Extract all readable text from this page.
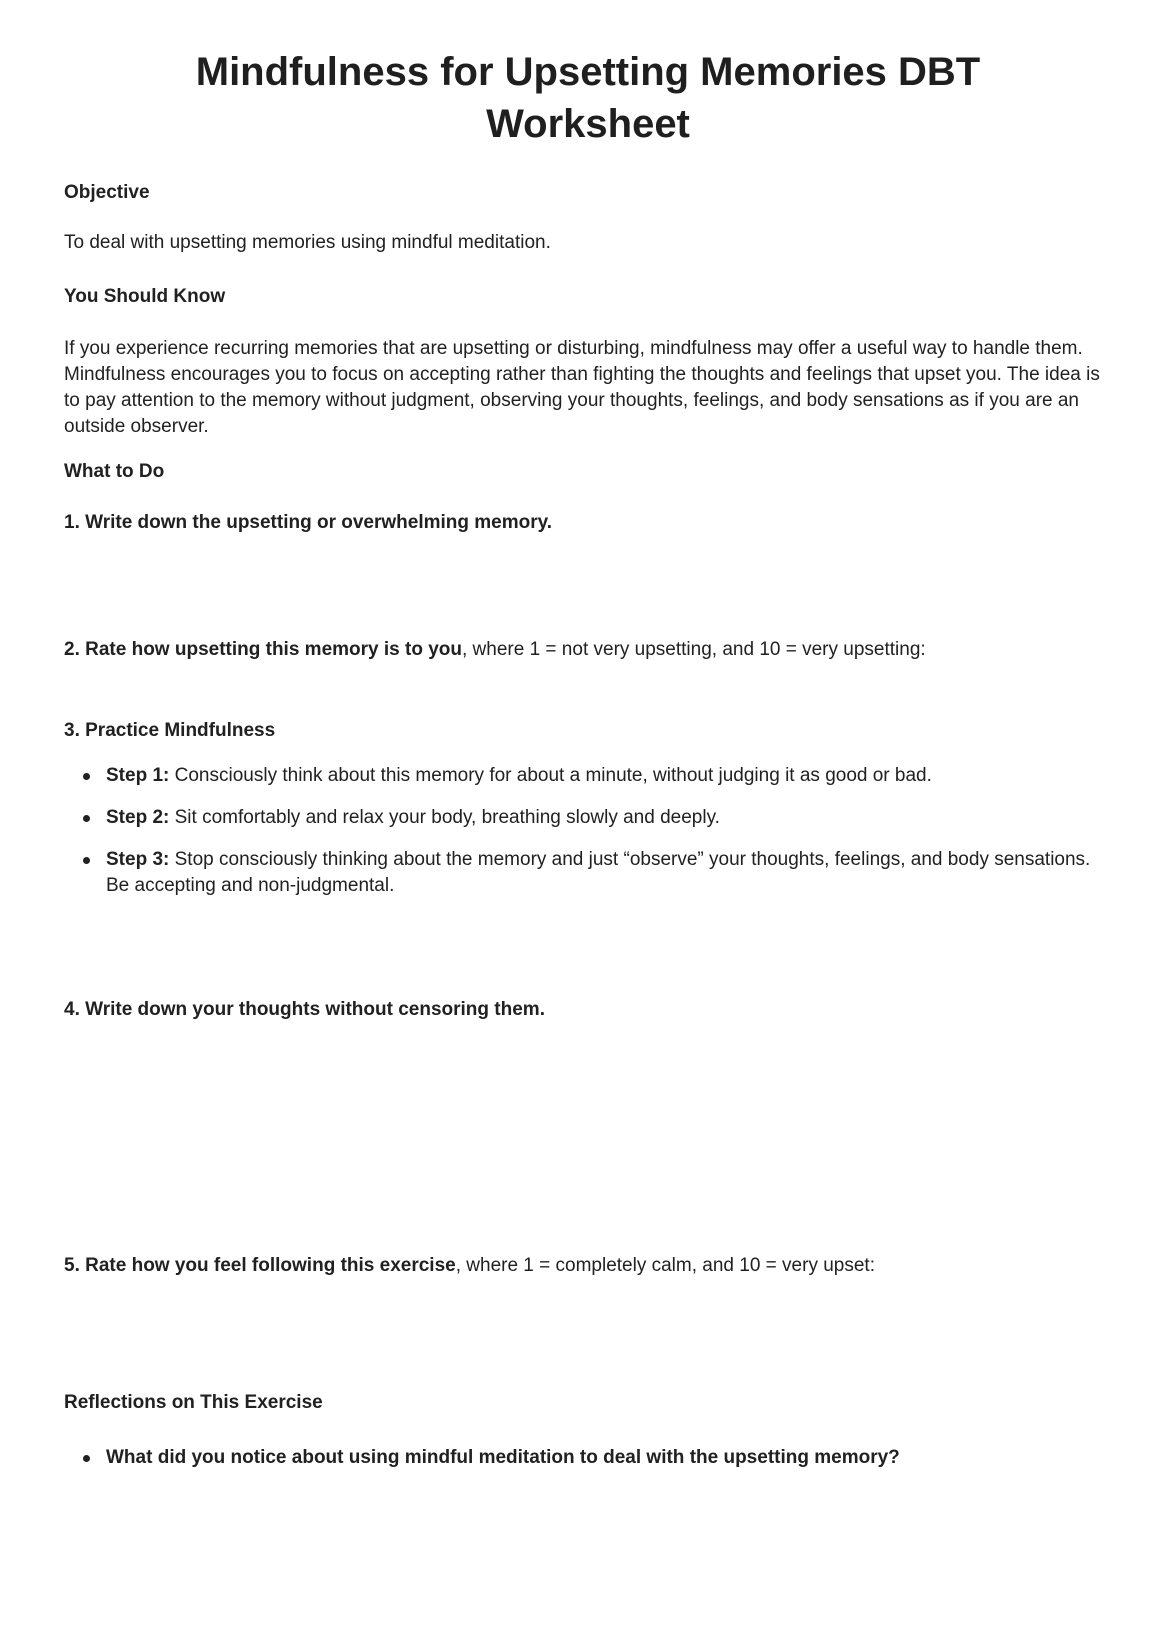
Mindfulness for Upsetting Memories DBT Worksheet
Objective

To deal with upsetting memories using mindful meditation.

You Should Know

If you experience recurring memories that are upsetting or disturbing, mindfulness may offer a useful way to handle them. Mindfulness encourages you to focus on accepting rather than fighting the thoughts and feelings that upset you. The idea is to pay attention to the memory without judgment, observing your thoughts, feelings, and body sensations as if you are an outside observer.

What to Do
1. Write down the upsetting or overwhelming memory.

2. Rate how upsetting this memory is to you, where 1 = not very upsetting, and 10 = very upsetting:

3. Practice Mindfulness
Step 1: Consciously think about this memory for about a minute, without judging it as good or bad.
Step 2: Sit comfortably and relax your body, breathing slowly and deeply.
Step 3: Stop consciously thinking about the memory and just “observe” your thoughts, feelings, and body sensations. Be accepting and non-judgmental.
4. Write down your thoughts without censoring them.

5. Rate how you feel following this exercise, where 1 = completely calm, and 10 = very upset:

Reflections on This Exercise
What did you notice about using mindful meditation to deal with the upsetting memory?
